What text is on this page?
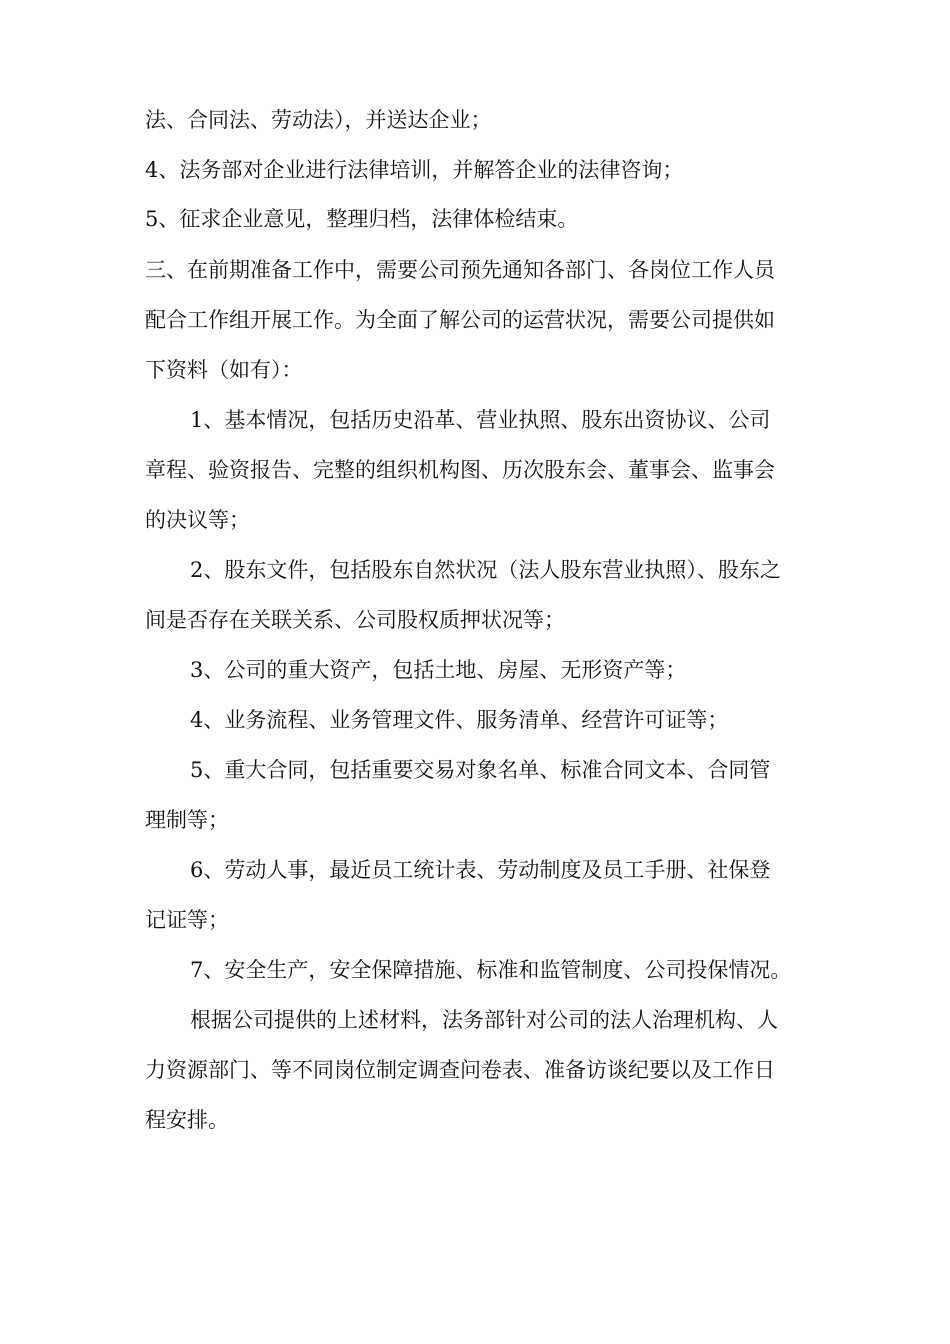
法、合同法、劳动法），并送达企业；
4、法务部对企业进行法律培训，并解答企业的法律咨询；
5、征求企业意见，整理归档，法律体检结束。
三、在前期准备工作中，需要公司预先通知各部门、各岗位工作人员
配合工作组开展工作。为全面了解公司的运营状况，需要公司提供如
下资料（如有）：
1、基本情况，包括历史沿革、营业执照、股东出资协议、公司
章程、验资报告、完整的组织机构图、历次股东会、董事会、监事会
的决议等；
2、股东文件，包括股东自然状况（法人股东营业执照）、股东之
间是否存在关联关系、公司股权质押状况等；
3、公司的重大资产，包括土地、房屋、无形资产等；
4、业务流程、业务管理文件、服务清单、经营许可证等；
5、重大合同，包括重要交易对象名单、标准合同文本、合同管
理制等；
6、劳动人事，最近员工统计表、劳动制度及员工手册、社保登
记证等；
7、安全生产，安全保障措施、标准和监管制度、公司投保情况。
根据公司提供的上述材料，法务部针对公司的法人治理机构、人
力资源部门、等不同岗位制定调查问卷表、准备访谈纪要以及工作日
程安排。
